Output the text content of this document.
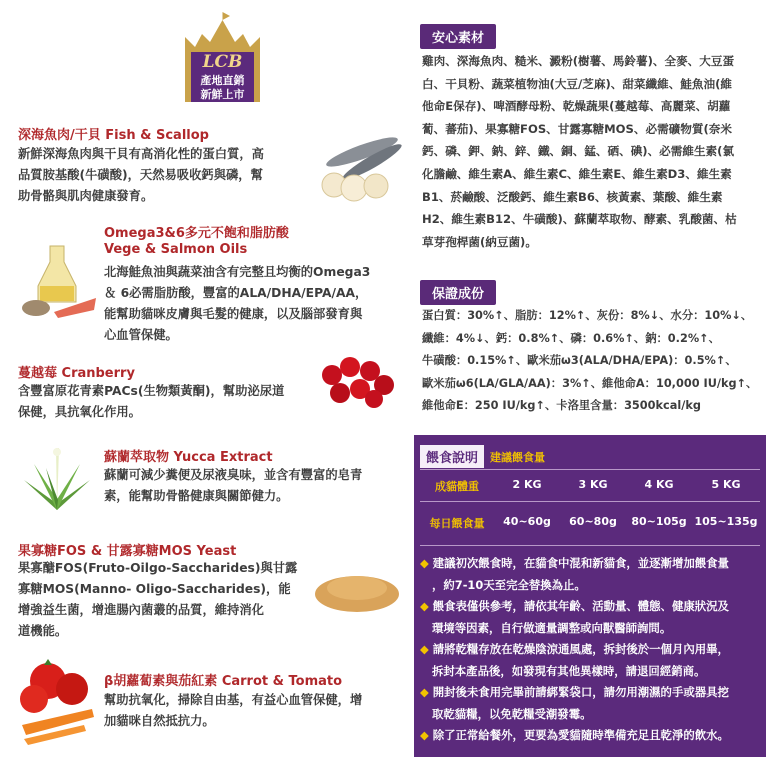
LCB
產地直銷
新鮮上市
深海魚肉/干貝 Fish & Scallop
新鮮深海魚肉與干貝有高消化性的蛋白質，高
品質胺基酸(牛磺酸)，天然易吸收鈣與磷，幫
助骨骼與肌肉健康發育。
Omega3&6多元不飽和脂肪酸
Vege & Salmon Oils
北海鮭魚油與蔬菜油含有完整且均衡的Omega3
＆ 6必需脂肪酸，豐富的ALA/DHA/EPA/AA，
能幫助貓咪皮膚與毛髮的健康，以及腦部發育與
心血管保健。
蔓越莓 Cranberry
含豐富原花青素PACs(生物類黃酮)，幫助泌尿道
保健，具抗氧化作用。
蘇蘭萃取物 Yucca Extract
蘇蘭可減少糞便及尿液臭味，並含有豐富的皂青
素，能幫助骨骼健康與關節健力。
果寡糖FOS & 甘露寡糖MOS Yeast
果寡醣FOS(Fruto-Oilgo-Saccharides)與甘露
寡糖MOS(Manno- Oligo-Saccharides)，能
增強益生菌，增進腸內菌叢的品質，維持消化
道機能。
β胡蘿蔔素與茄紅素 Carrot & Tomato
幫助抗氧化，掃除自由基，有益心血管保健，增
加貓咪自然抵抗力。
安心素材
雞肉、深海魚肉、糙米、澱粉(樹薯、馬鈴薯)、全麥、大豆蛋
白、干貝粉、蔬菜植物油(大豆/芝麻)、甜菜纖維、鮭魚油(維
他命E保存)、啤酒酵母粉、乾燥蔬果(蔓越莓、高麗菜、胡蘿
蔔、蕃茄)、果寡糖FOS、甘露寡糖MOS、必需礦物質(奈米
鈣、磷、鉀、鈉、鋅、鐵、銅、錳、硒、碘)、必需維生素(氯
化膽鹼、維生素A、維生素C、維生素E、維生素D3、維生素
B1、菸鹼酸、泛酸鈣、維生素B6、核黃素、葉酸、維生素
H2、維生素B12、牛磺酸)、蘇蘭萃取物、酵素、乳酸菌、枯
草芽孢桿菌(納豆菌)。
保證成份
蛋白質：30%↑、脂肪：12%↑、灰份：8%↓、水分：10%↓、
纖維：4%↓、鈣：0.8%↑、磷：0.6%↑、鈉：0.2%↑、
牛磺酸：0.15%↑、歐米茄ω3(ALA/DHA/EPA)：0.5%↑、
歐米茄ω6(LA/GLA/AA)：3%↑、維他命A：10,000 IU/kg↑、
維他命E：250 IU/kg↑、卡洛里含量：3500kcal/kg
餵食說明	建議餵食量
成貓體重	2 KG	3 KG	4 KG	5 KG
每日餵食量	40~60g	60~80g	80~105g 105~135g

◆ 建議初次餵食時，在貓食中混和新貓食，並逐漸增加餵食量

，約7-10天至完全替換為止。

◆ 餵食表僅供參考，請依其年齡、活動量、體態、健康狀況及

環境等因素，自行做適量調整或向獸醫師詢問。

◆ 請將乾糧存放在乾燥陰涼通風處，拆封後於一個月內用畢，

拆封本產品後，如發現有其他異樣時，請退回經銷商。

◆ 開封後未食用完畢前請綁緊袋口，請勿用潮濕的手或器具挖

取乾貓糧，以免乾糧受潮發霉。

◆ 除了正常給餐外，更要為愛貓隨時準備充足且乾淨的飲水。
